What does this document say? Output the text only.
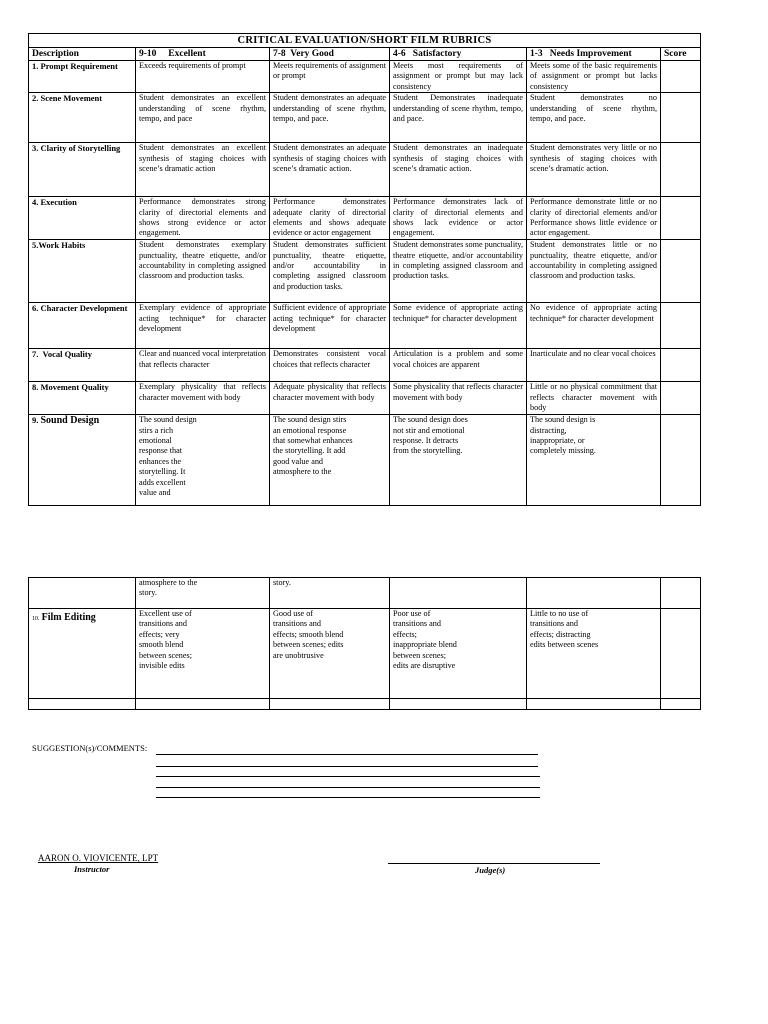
CRITICAL EVALUATION/SHORT FILM RUBRICS					
Description	9-10     Excellent	7-8  Very Good	4-6   Satisfactory	1-3   Needs Improvement	Score
1. Prompt Requirement	Exceeds requirements of prompt	Meets requirements of assignment or prompt	Meets most requirements of assignment or prompt but may lack consistency	Meets some of the basic requirements of assignment or prompt but lacks consistency	
2. Scene Movement	Student demonstrates an excellent understanding of scene rhythm, tempo, and pace	Student demonstrates an adequate understanding of scene rhythm, tempo, and pace.	Student Demonstrates inadequate understanding of scene rhythm, tempo, and pace.	Student demonstrates no understanding of scene rhythm, tempo, and pace.	
3. Clarity of Storytelling	Student demonstrates an excellent synthesis of staging choices with scene’s dramatic action	Student demonstrates an adequate synthesis of staging choices with scene’s dramatic action.	Student demonstrates an inadequate synthesis of staging choices with scene’s dramatic action.	Student demonstrates very little or no synthesis of staging choices with scene’s dramatic action.	
4. Execution	Performance demonstrates strong clarity of directorial elements and shows strong evidence or actor engagement.	Performance demonstrates adequate clarity of directorial elements and shows adequate evidence or actor engagement	Performance demonstrates lack of clarity of directorial elements and shows lack evidence or actor engagement.	Performance demonstrate little or no clarity of directorial elements and/or Performance shows little evidence or actor engagement.	
5.Work Habits	Student demonstrates exemplary punctuality, theatre etiquette, and/or accountability in completing assigned classroom and production tasks.	Student demonstrates sufficient punctuality, theatre etiquette, and/or accountability in completing assigned classroom and production tasks.	Student demonstrates some punctuality, theatre etiquette, and/or accountability in completing assigned classroom and production tasks.	Student demonstrates little or no punctuality, theatre etiquette, and/or accountability in completing assigned classroom and production tasks.	
6. Character Development	Exemplary evidence of appropriate acting technique* for character development	Sufficient evidence of appropriate acting technique* for character development	Some evidence of appropriate acting technique* for character development	No evidence of appropriate acting technique* for character development	
7.  Vocal Quality	Clear and nuanced vocal interpretation that reflects character	Demonstrates consistent vocal choices that reflects character	Articulation is a problem and some vocal choices are apparent	Inarticulate and no clear vocal choices	
8. Movement Quality	Exemplary physicality that reflects character movement with body	Adequate physicality that reflects character movement with body	Some physicality that reflects character movement with body	Little or no physical commitment that reflects character movement with body	
9. Sound Design	The sound design stirs a rich emotional response that enhances the storytelling. It adds excellent value and	The sound design stirs an emotional response that somewhat enhances the storytelling. It add good value and atmosphere to the	The sound design does not stir and emotional response. It detracts from the storytelling.	The sound design is distracting, inappropriate, or completely missing.	

	atmosphere to the story.	story.			
10. Film Editing	Excellent use of transitions and effects; very smooth blend between scenes; invisible edits	Good use of transitions and effects; smooth blend between scenes; edits are unobtrusive	Poor use of transitions and effects; inappropriate blend between scenes; edits are disruptive	Little to no use of transitions and effects; distracting edits between scenes	

SUGGESTION(s)/COMMENTS:
AARON O. VIOVICENTE, LPT
Instructor	Judge(s)
